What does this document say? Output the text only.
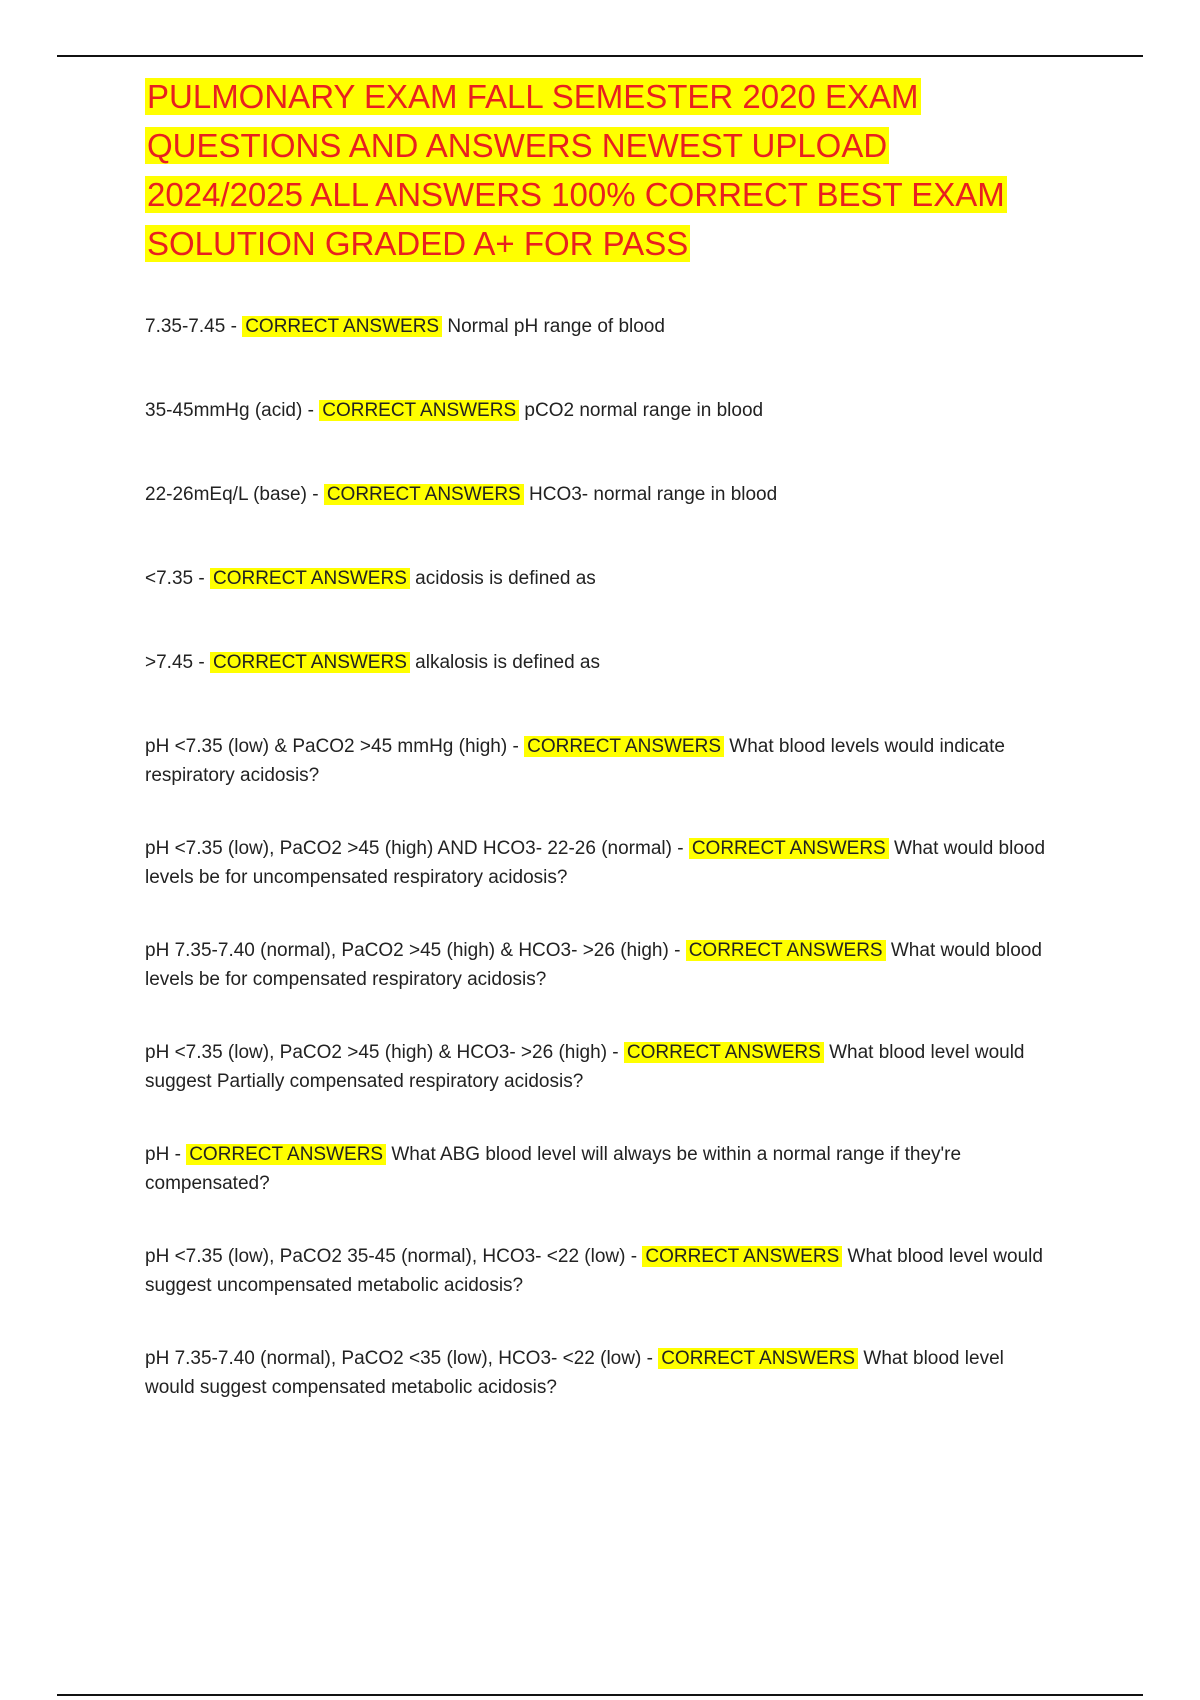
PULMONARY EXAM FALL SEMESTER 2020 EXAM QUESTIONS AND ANSWERS NEWEST UPLOAD 2024/2025 ALL ANSWERS 100% CORRECT BEST EXAM SOLUTION GRADED A+ FOR PASS

7.35-7.45 - CORRECT ANSWERS Normal pH range of blood

35-45mmHg (acid) - CORRECT ANSWERS pCO2 normal range in blood

22-26mEq/L (base) - CORRECT ANSWERS HCO3- normal range in blood

<7.35 - CORRECT ANSWERS acidosis is defined as

>7.45 - CORRECT ANSWERS alkalosis is defined as

pH <7.35 (low) & PaCO2 >45 mmHg (high) - CORRECT ANSWERS What blood levels would indicate respiratory acidosis?

pH <7.35 (low), PaCO2 >45 (high) AND HCO3- 22-26 (normal) - CORRECT ANSWERS What would blood levels be for uncompensated respiratory acidosis?

pH 7.35-7.40 (normal), PaCO2 >45 (high) & HCO3- >26 (high) - CORRECT ANSWERS What would blood levels be for compensated respiratory acidosis?

pH <7.35 (low), PaCO2 >45 (high) & HCO3- >26 (high) - CORRECT ANSWERS What blood level would suggest Partially compensated respiratory acidosis?

pH - CORRECT ANSWERS What ABG blood level will always be within a normal range if they're compensated?

pH <7.35 (low), PaCO2 35-45 (normal), HCO3- <22 (low) - CORRECT ANSWERS What blood level would suggest uncompensated metabolic acidosis?

pH 7.35-7.40 (normal), PaCO2 <35 (low), HCO3- <22 (low) - CORRECT ANSWERS What blood level would suggest compensated metabolic acidosis?
